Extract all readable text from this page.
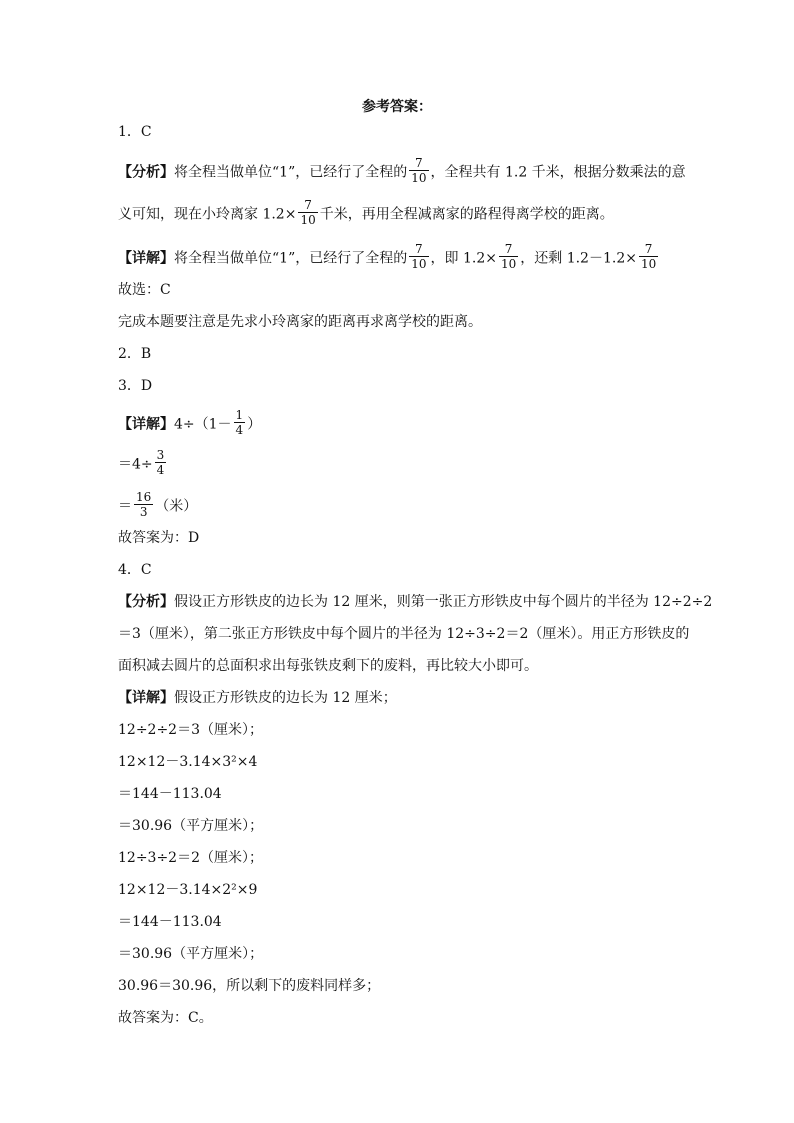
参考答案：
1．C
【分析】将全程当做单位“1”，已经行了全程的 $\frac{7}{10}$ ，全程共有 1.2 千米，根据分数乘法的意
义可知，现在小玲离家 $1.2\times \frac{7}{10}$ 千米，再用全程减离家的路程得离学校的距离。
【详解】将全程当做单位“1”，已经行了全程的 $\frac{7}{10}$ ，即 $1.2\times \frac{7}{10}$ ，还剩 $1.2-1.2\times \frac{7}{10}$
故选：C
完成本题要注意是先求小玲离家的距离再求离学校的距离。
2．B
3．D
【详解】$4\div(1- \frac{1}{4}$ ）
$=4\div \frac{3}{4}$
＝ $\frac{16}{3}$ （米）
故答案为：D
4．C
【分析】假设正方形铁皮的边长为 12 厘米，则第一张正方形铁皮中每个圆片的半径为 12÷2÷2
＝3（厘米），第二张正方形铁皮中每个圆片的半径为 12÷3÷2＝2（厘米）。用正方形铁皮的
面积减去圆片的总面积求出每张铁皮剩下的废料，再比较大小即可。
【详解】假设正方形铁皮的边长为 12 厘米；
12÷2÷2＝3（厘米）；
12×12－3.14×3²×4
＝144－113.04
＝30.96（平方厘米）；
12÷3÷2＝2（厘米）；
12×12－3.14×2²×9
＝144－113.04
＝30.96（平方厘米）；
30.96＝30.96，所以剩下的废料同样多；
故答案为：C。
